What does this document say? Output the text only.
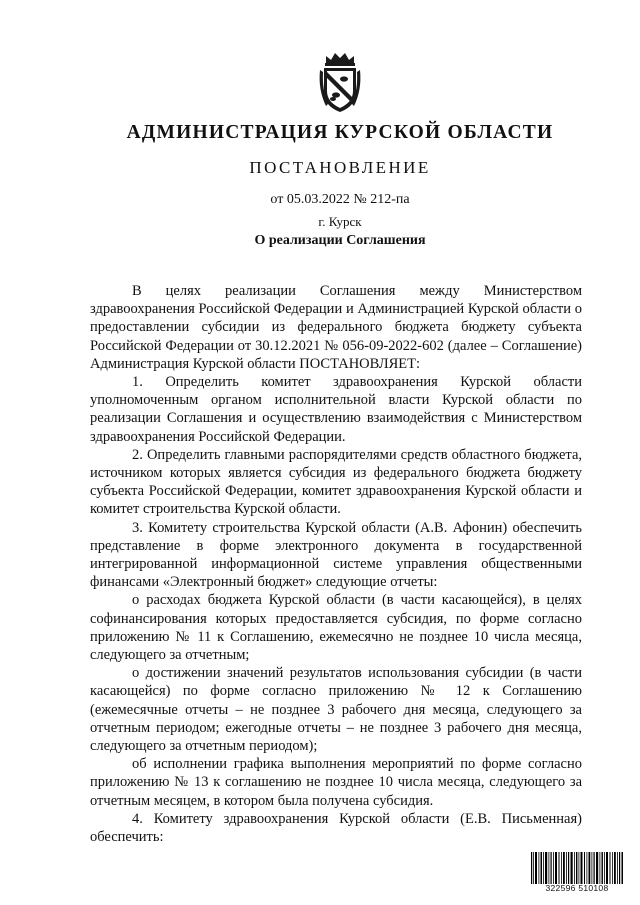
АДМИНИСТРАЦИЯ КУРСКОЙ ОБЛАСТИ
ПОСТАНОВЛЕНИЕ
от 05.03.2022 № 212-па
г. Курск
О реализации Соглашения

В целях реализации Соглашения между Министерством здравоохранения Российской Федерации и Администрацией Курской области о предоставлении субсидии из федерального бюджета бюджету субъекта Российской Федерации от 30.12.2021 № 056-09-2022-602 (далее – Соглашение) Администрация Курской области ПОСТАНОВЛЯЕТ:

1. Определить комитет здравоохранения Курской области уполномоченным органом исполнительной власти Курской области по реализации Соглашения и осуществлению взаимодействия с Министерством здравоохранения Российской Федерации.

2. Определить главными распорядителями средств областного бюджета, источником которых является субсидия из федерального бюджета бюджету субъекта Российской Федерации, комитет здравоохранения Курской области и комитет строительства Курской области.

3. Комитету строительства Курской области (А.В. Афонин) обеспечить представление в форме электронного документа в государственной интегрированной информационной системе управления общественными финансами «Электронный бюджет» следующие отчеты:

о расходах бюджета Курской области (в части касающейся), в целях софинансирования которых предоставляется субсидия, по форме согласно приложению № 11 к Соглашению, ежемесячно не позднее 10 числа месяца, следующего за отчетным;

о достижении значений результатов использования субсидии (в части касающейся) по форме согласно приложению № 12 к Соглашению (ежемесячные отчеты – не позднее 3 рабочего дня месяца, следующего за отчетным периодом; ежегодные отчеты – не позднее 3 рабочего дня месяца, следующего за отчетным периодом);

об исполнении графика выполнения мероприятий по форме согласно приложению № 13 к соглашению не позднее 10 числа месяца, следующего за отчетным месяцем, в котором была получена субсидия.

4. Комитету здравоохранения Курской области (Е.В. Письменная) обеспечить:

322596 510108
